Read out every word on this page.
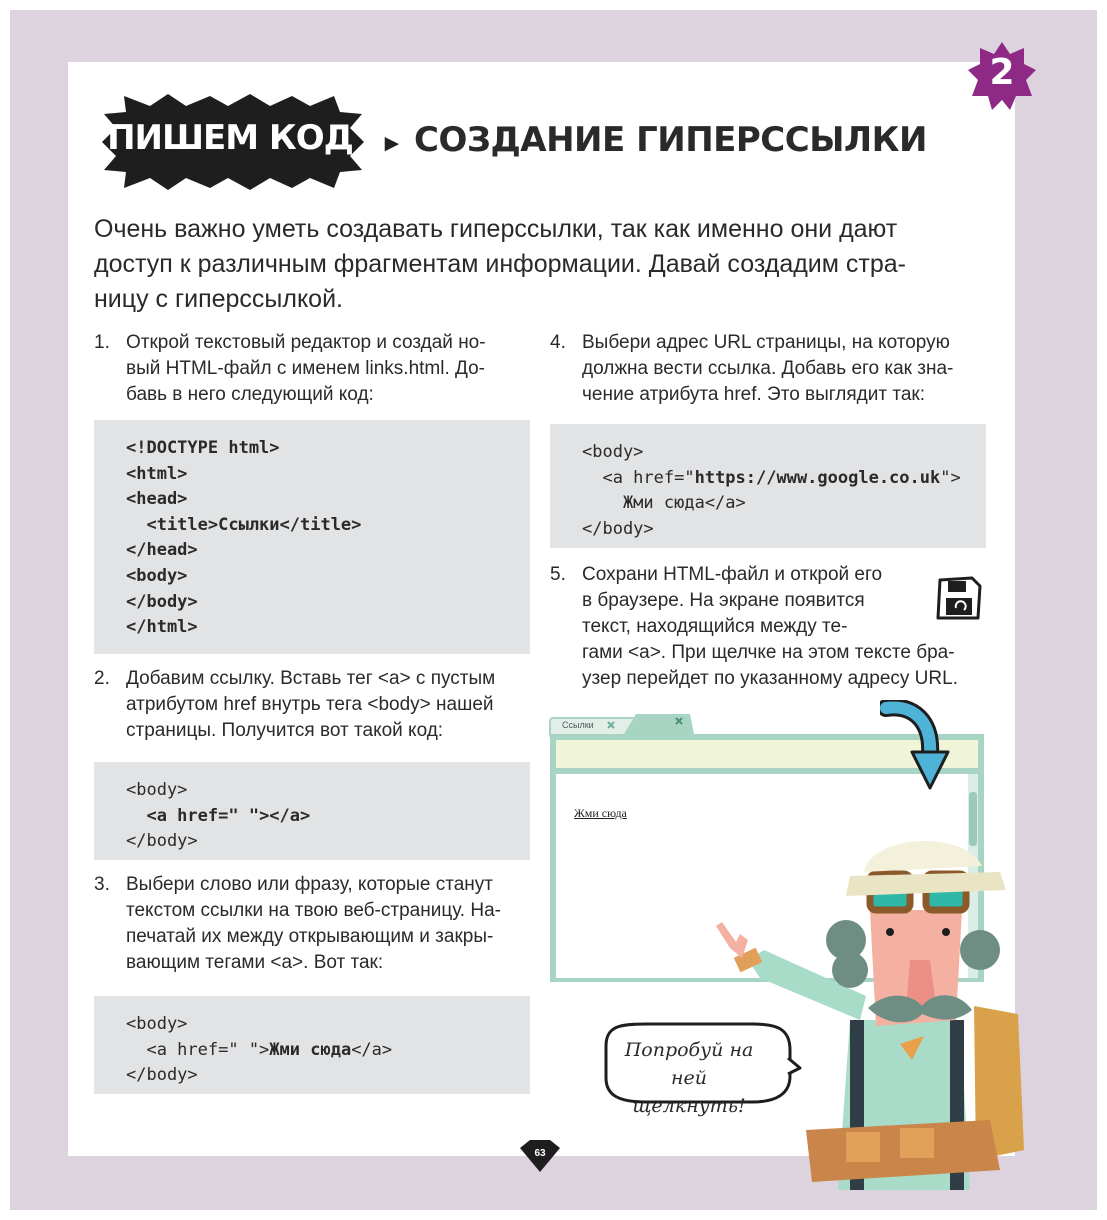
2
ПИШЕМ КОД	► СОЗДАНИЕ ГИПЕРССЫЛКИ
Очень важно уметь создавать гиперссылки, так как именно они дают
доступ к различным фрагментам информации. Давай создадим стра-
ницу с гиперссылкой.
1. Открой текстовый редактор и создай но-
вый HTML-файл с именем links.html. До-
бавь в него следующий код:
<!DOCTYPE html>
<html>
<head>
<title>Ссылки</title>
</head>
<body>
</body>
</html>
2. Добавим ссылку. Вставь тег <a> с пустым
атрибутом href внутрь тега <body> нашей
страницы. Получится вот такой код:
<body>
<a href=" "></a>
</body>
3. Выбери слово или фразу, которые станут
текстом ссылки на твою веб-страницу. На-
печатай их между открывающим и закры-
вающим тегами <a>. Вот так:
<body>
<a href=" ">Жми сюда</a>
</body>
4. Выбери адрес URL страницы, на которую
должна вести ссылка. Добавь его как зна-
чение атрибута href. Это выглядит так:
<body>
<a href="https://www.google.co.uk">
Жми сюда</a>
</body>
5. Сохрани HTML-файл и открой его
в браузере. На экране появится
текст, находящийся между те-
гами <a>. При щелчке на этом тексте бра-
узер перейдет по указанному адресу URL.
Ссылки
Жми сюда
Попробуй на ней
щелкнуть!
63
